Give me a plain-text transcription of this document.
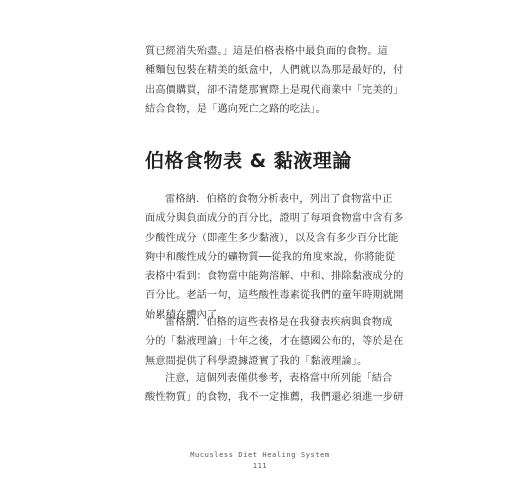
質已經消失殆盡。」這是伯格表格中最負面的食物。這
種麵包包裝在精美的紙盒中，人們就以為那是最好的，付
出高價購買，卻不清楚那實際上是現代商業中「完美的」
結合食物，是「邁向死亡之路的吃法」。

伯格食物表 & 黏液理論

雷格納．伯格的食物分析表中，列出了食物當中正
面成分與負面成分的百分比，證明了每項食物當中含有多
少酸性成分（即產生多少黏液），以及含有多少百分比能
夠中和酸性成分的礦物質──從我的角度來說，你將能從
表格中看到：食物當中能夠溶解、中和、排除黏液成分的
百分比。老話一句，這些酸性毒素從我們的童年時期就開
始累積在體內了。

雷格納．伯格的這些表格是在我發表疾病與食物成
分的「黏液理論」十年之後，才在德國公布的，等於是在
無意間提供了科學證據證實了我的「黏液理論」。

注意，這個列表僅供參考，表格當中所列能「結合
酸性物質」的食物，我不一定推薦，我們還必須進一步研

Mucusless Diet Healing System
111
